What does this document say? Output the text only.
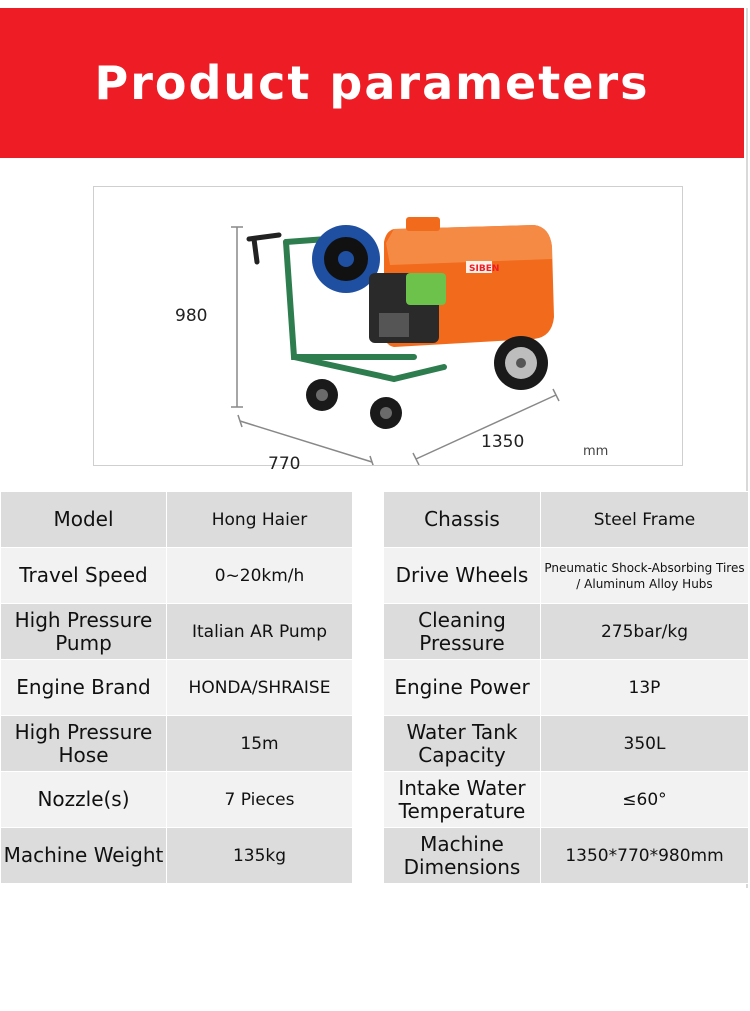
Product parameters
SIBEN
980
1350
770
mm
Model	Hong Haier
Travel Speed	0~20km/h
High Pressure Pump	Italian AR Pump
Engine Brand	HONDA/SHRAISE
High Pressure Hose	15m
Nozzle(s)	7 Pieces
Machine Weight	135kg
Chassis	Steel Frame
Drive Wheels	Pneumatic Shock-Absorbing Tires / Aluminum Alloy Hubs
Cleaning Pressure	275bar/kg
Engine Power	13P
Water Tank Capacity	350L
Intake Water Temperature	≤60°
Machine Dimensions	1350*770*980mm
